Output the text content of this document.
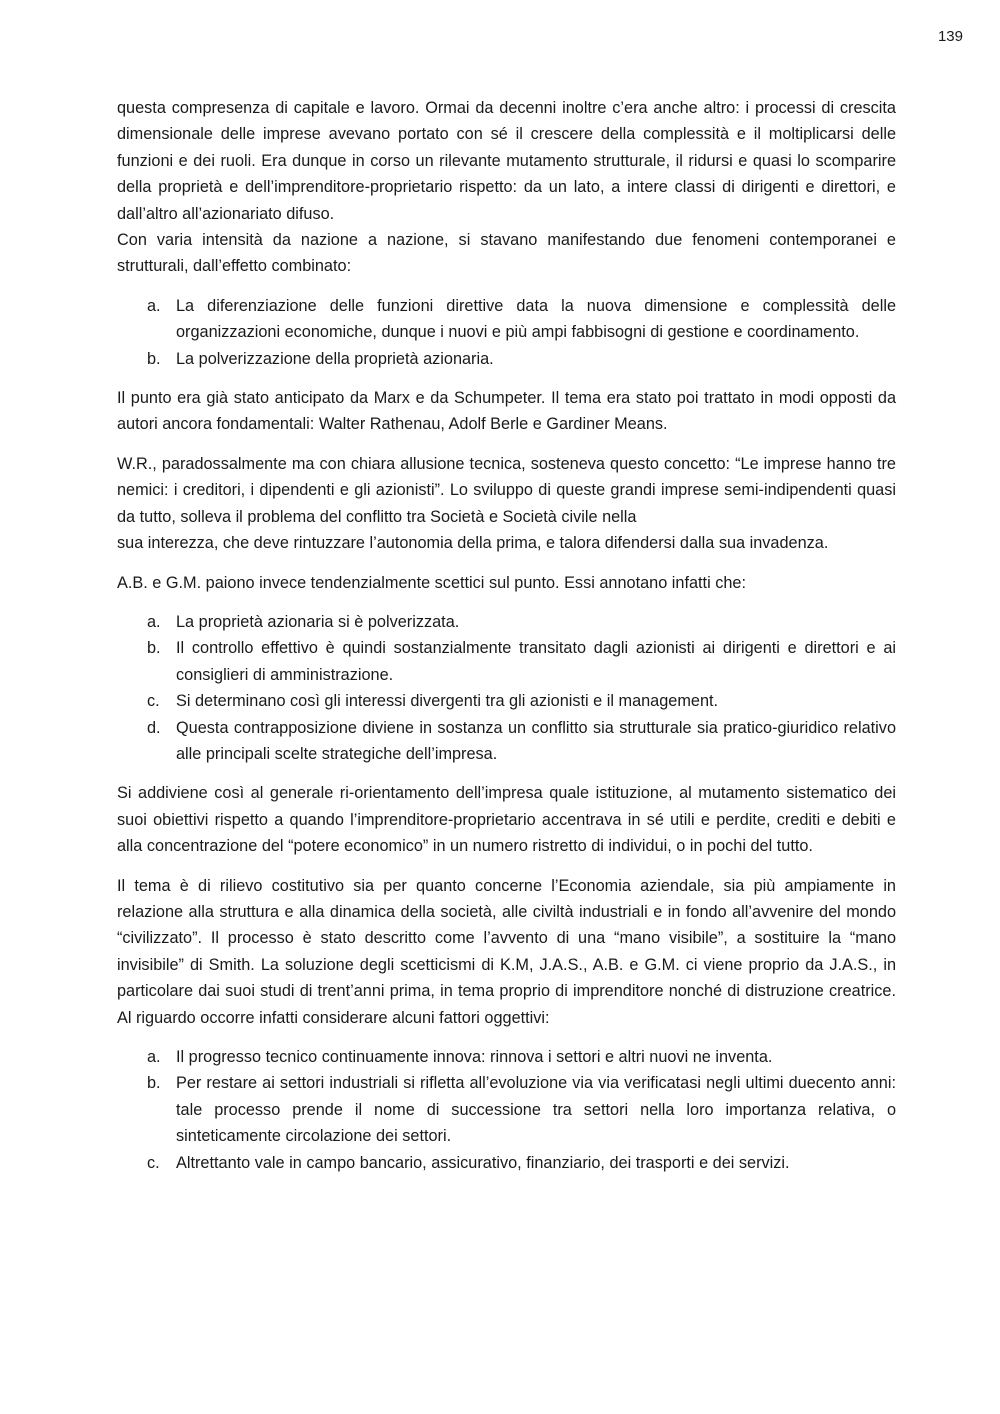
139

questa compresenza di capitale e lavoro. Ormai da decenni inoltre c’era anche altro: i processi di crescita dimensionale delle imprese avevano portato con sé il crescere della complessità e il moltiplicarsi delle funzioni e dei ruoli. Era dunque in corso un rilevante mutamento strutturale, il ridursi e quasi lo scomparire della proprietà e dell’imprenditore-proprietario rispetto: da un lato, a intere classi di dirigenti e direttori, e dall’altro all’azionariato difuso.

Con varia intensità da nazione a nazione, si stavano manifestando due fenomeni contemporanei e strutturali, dall’effetto combinato:

a. La diferenziazione delle funzioni direttive data la nuova dimensione e complessità delle organizzazioni economiche, dunque i nuovi e più ampi fabbisogni di gestione e coordinamento.
b. La polverizzazione della proprietà azionaria.

Il punto era già stato anticipato da Marx e da Schumpeter. Il tema era stato poi trattato in modi opposti da autori ancora fondamentali: Walter Rathenau, Adolf Berle e Gardiner Means.

W.R., paradossalmente ma con chiara allusione tecnica, sosteneva questo concetto: “Le imprese hanno tre nemici: i creditori, i dipendenti e gli azionisti”. Lo sviluppo di queste grandi imprese semi-indipendenti quasi da tutto, solleva il problema del conflitto tra Società e Società civile nella

sua interezza, che deve rintuzzare l’autonomia della prima, e talora difendersi dalla sua invadenza.

A.B. e G.M. paiono invece tendenzialmente scettici sul punto. Essi annotano infatti che:

a. La proprietà azionaria si è polverizzata.
b. Il controllo effettivo è quindi sostanzialmente transitato dagli azionisti ai dirigenti e direttori e ai consiglieri di amministrazione.
c. Si determinano così gli interessi divergenti tra gli azionisti e il management.
d. Questa contrapposizione diviene in sostanza un conflitto sia strutturale sia pratico-giuridico relativo alle principali scelte strategiche dell’impresa.

Si addiviene così al generale ri-orientamento dell’impresa quale istituzione, al mutamento sistematico dei suoi obiettivi rispetto a quando l’imprenditore-proprietario accentrava in sé utili e perdite, crediti e debiti e alla concentrazione del “potere economico” in un numero ristretto di individui, o in pochi del tutto.

Il tema è di rilievo costitutivo sia per quanto concerne l’Economia aziendale, sia più ampiamente in relazione alla struttura e alla dinamica della società, alle civiltà industriali e in fondo all’avvenire del mondo “civilizzato”. Il processo è stato descritto come l’avvento di una “mano visibile”, a sostituire la “mano invisibile” di Smith. La soluzione degli scetticismi di K.M, J.A.S., A.B. e G.M. ci viene proprio da J.A.S., in particolare dai suoi studi di trent’anni prima, in tema proprio di imprenditore nonché di distruzione creatrice. Al riguardo occorre infatti considerare alcuni fattori oggettivi:

a. Il progresso tecnico continuamente innova: rinnova i settori e altri nuovi ne inventa.
b. Per restare ai settori industriali si rifletta all’evoluzione via via verificatasi negli ultimi duecento anni: tale processo prende il nome di successione tra settori nella loro importanza relativa, o sinteticamente circolazione dei settori.
c. Altrettanto vale in campo bancario, assicurativo, finanziario, dei trasporti e dei servizi.
